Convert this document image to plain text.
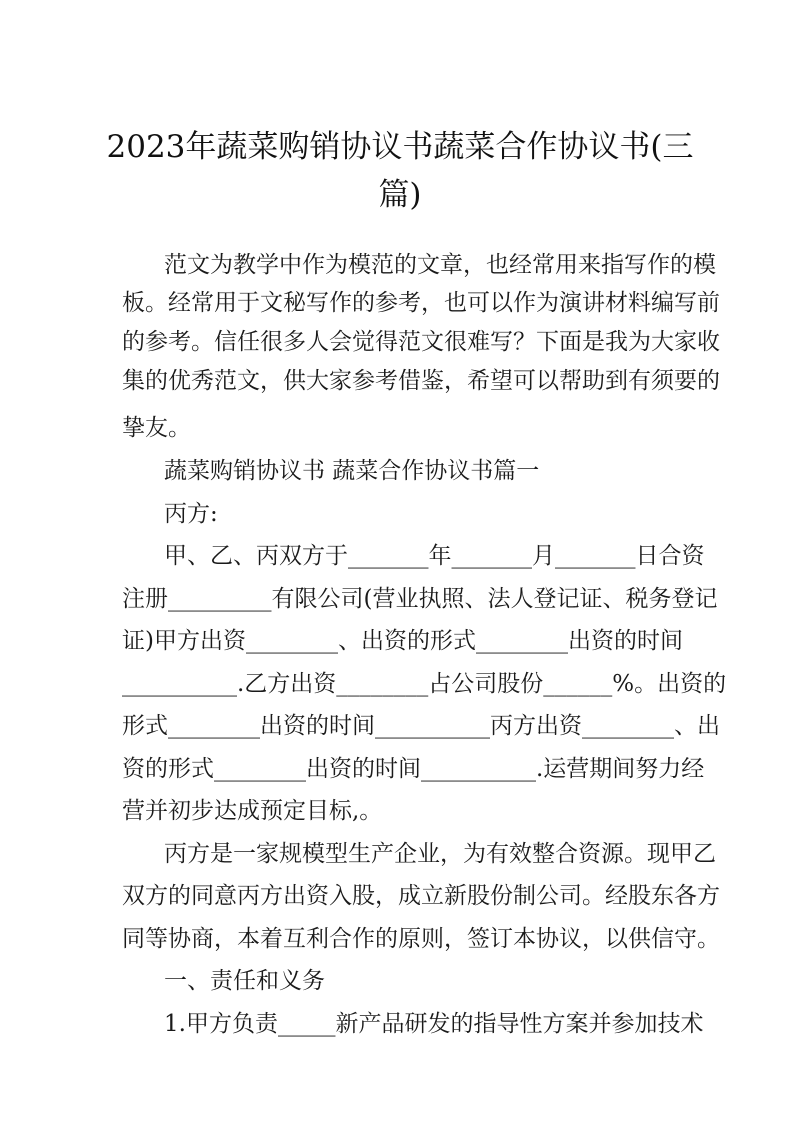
2023年蔬菜购销协议书蔬菜合作协议书(三
篇)
范文为教学中作为模范的文章，也经常用来指写作的模
板。经常用于文秘写作的参考，也可以作为演讲材料编写前
的参考。信任很多人会觉得范文很难写？下面是我为大家收
集的优秀范文，供大家参考借鉴，希望可以帮助到有须要的
挚友。
蔬菜购销协议书 蔬菜合作协议书篇一
丙方:
甲、乙、丙双方于_______年_______月_______日合资
注册_________有限公司(营业执照、法人登记证、税务登记
证)甲方出资________、出资的形式________出资的时间
__________.乙方出资________占公司股份______%。出资的
形式________出资的时间__________丙方出资________、出
资的形式________出资的时间__________.运营期间努力经
营并初步达成预定目标,。
丙方是一家规模型生产企业，为有效整合资源。现甲乙
双方的同意丙方出资入股，成立新股份制公司。经股东各方
同等协商，本着互利合作的原则，签订本协议，以供信守。
一、责任和义务
1.甲方负责_____新产品研发的指导性方案并参加技术
